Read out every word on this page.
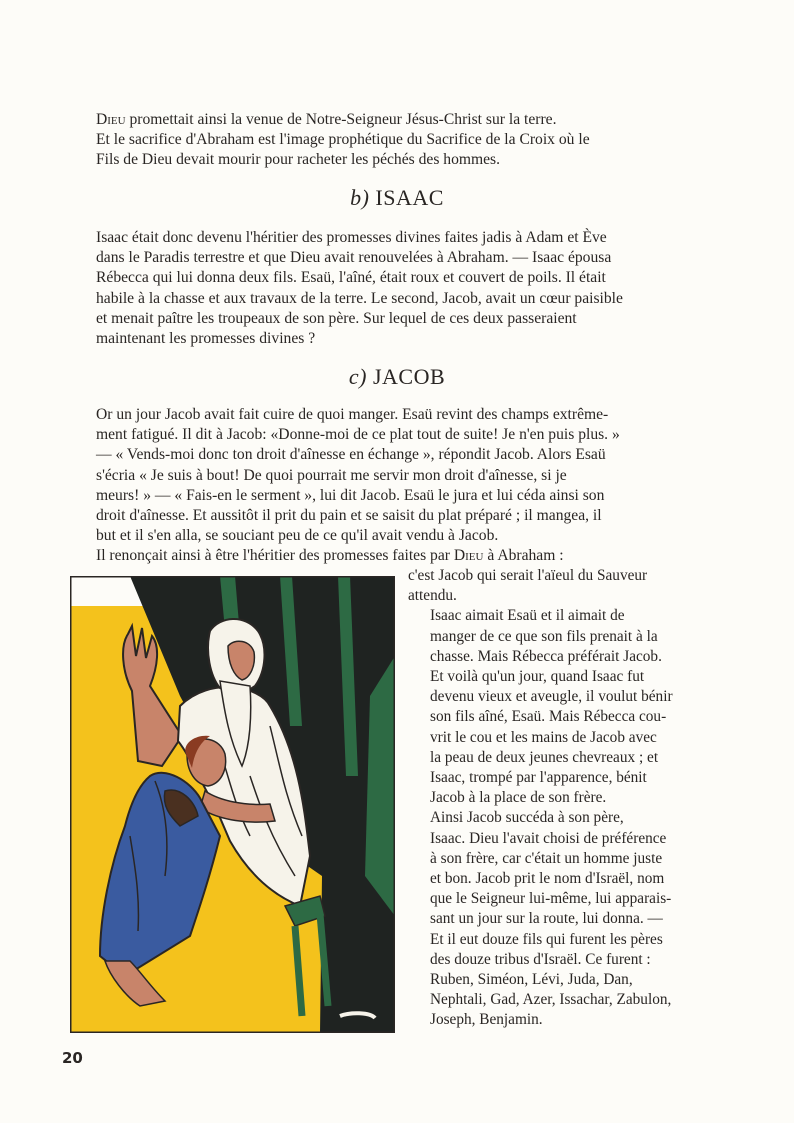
Dieu promettait ainsi la venue de Notre-Seigneur Jésus-Christ sur la terre.
Et le sacrifice d'Abraham est l'image prophétique du Sacrifice de la Croix où le
Fils de Dieu devait mourir pour racheter les péchés des hommes.

b) ISAAC

Isaac était donc devenu l'héritier des promesses divines faites jadis à Adam et Ève
dans le Paradis terrestre et que Dieu avait renouvelées à Abraham. — Isaac épousa
Rébecca qui lui donna deux fils. Esaü, l'aîné, était roux et couvert de poils. Il était
habile à la chasse et aux travaux de la terre. Le second, Jacob, avait un cœur paisible
et menait paître les troupeaux de son père. Sur lequel de ces deux passeraient
maintenant les promesses divines ?

c) JACOB

Or un jour Jacob avait fait cuire de quoi manger. Esaü revint des champs extrême-
ment fatigué. Il dit à Jacob: «Donne-moi de ce plat tout de suite! Je n'en puis plus. »
— « Vends-moi donc ton droit d'aînesse en échange », répondit Jacob. Alors Esaü
s'écria « Je suis à bout! De quoi pourrait me servir mon droit d'aînesse, si je
meurs! » — « Fais-en le serment », lui dit Jacob. Esaü le jura et lui céda ainsi son
droit d'aînesse. Et aussitôt il prit du pain et se saisit du plat préparé ; il mangea, il
but et il s'en alla, se souciant peu de ce qu'il avait vendu à Jacob.

Il renonçait ainsi à être l'héritier des promesses faites par Dieu à Abraham :

c'est Jacob qui serait l'aïeul du Sauveur
attendu.

Isaac aimait Esaü et il aimait de
manger de ce que son fils prenait à la
chasse. Mais Rébecca préférait Jacob.
Et voilà qu'un jour, quand Isaac fut
devenu vieux et aveugle, il voulut bénir
son fils aîné, Esaü. Mais Rébecca cou-
vrit le cou et les mains de Jacob avec
la peau de deux jeunes chevreaux ; et
Isaac, trompé par l'apparence, bénit
Jacob à la place de son frère.

Ainsi Jacob succéda à son père,
Isaac. Dieu l'avait choisi de préférence
à son frère, car c'était un homme juste
et bon. Jacob prit le nom d'Israël, nom
que le Seigneur lui-même, lui apparais-
sant un jour sur la route, lui donna. —
Et il eut douze fils qui furent les pères
des douze tribus d'Israël. Ce furent :
Ruben, Siméon, Lévi, Juda, Dan,
Nephtali, Gad, Azer, Issachar, Zabulon,
Joseph, Benjamin.

20
